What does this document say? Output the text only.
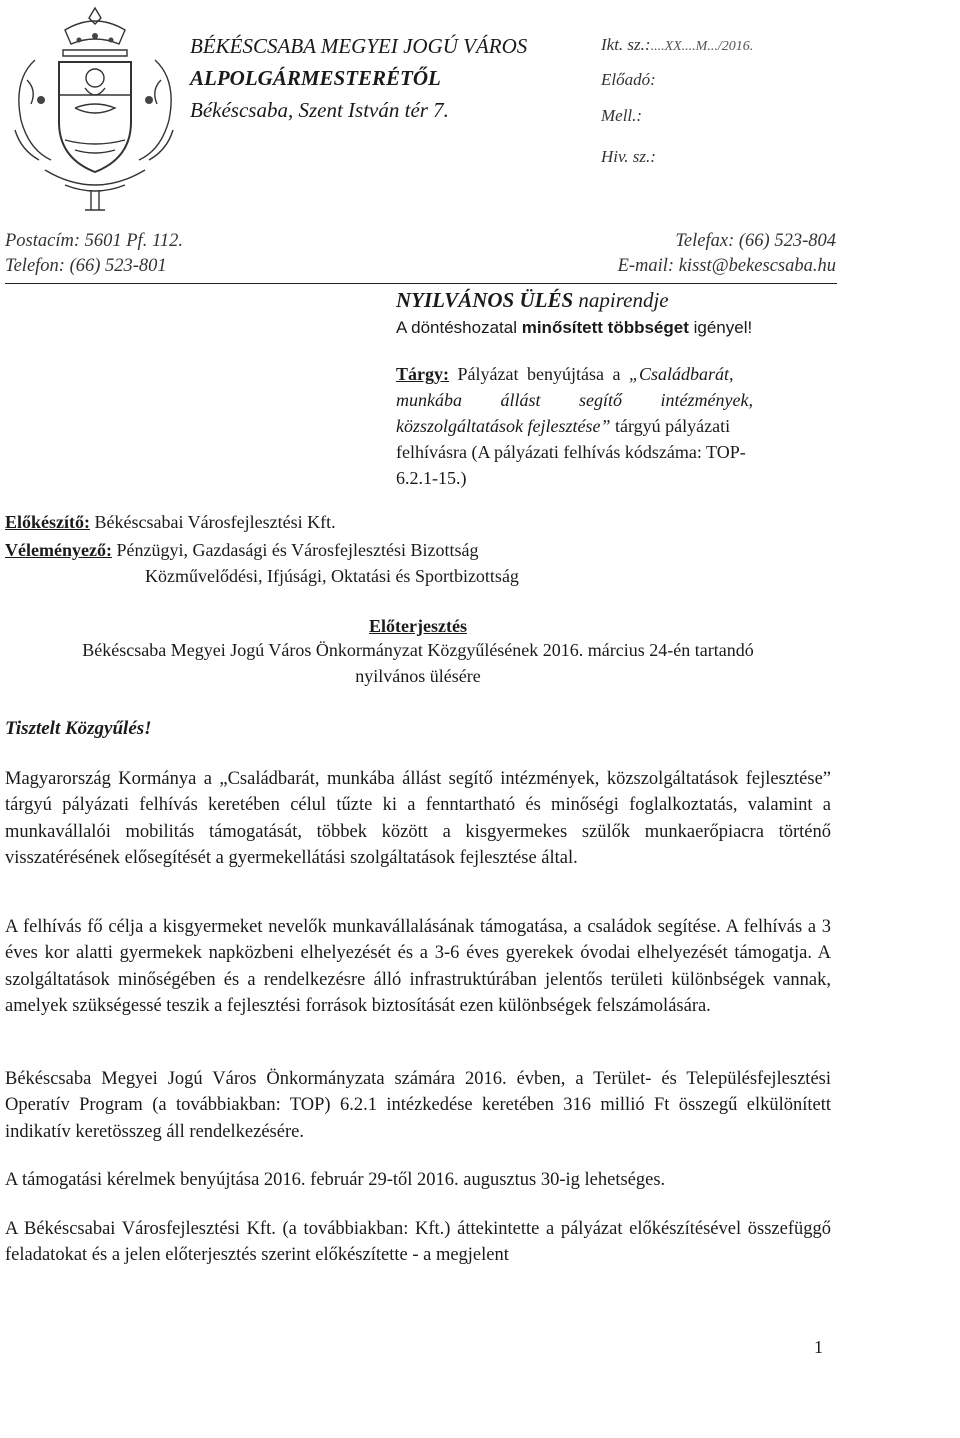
BÉKÉSCSABA MEGYEI JOGÚ VÁROS
ALPOLGÁRMESTERÉTŐL
Békéscsaba, Szent István tér 7.
Ikt. sz.:....XX....M.../2016.
Előadó:
Mell.:
Hiv. sz.:
Postacím: 5601 Pf. 112.
Telefon: (66) 523-801
Telefax: (66) 523-804
E-mail: kisst@bekescsaba.hu
NYILVÁNOS ÜLÉS napirendje
A döntéshozatal minősített többséget igényel!
Tárgy: Pályázat benyújtása a „Családbarát,
munkába állást segítő intézmények,
közszolgáltatások fejlesztése” tárgyú pályázati
felhívásra (A pályázati felhívás kódszáma: TOP-
6.2.1-15.)
Előkészítő: Békéscsabai Városfejlesztési Kft.
Véleményező: Pénzügyi, Gazdasági és Városfejlesztési Bizottság
Közművelődési, Ifjúsági, Oktatási és Sportbizottság
Előterjesztés
Békéscsaba Megyei Jogú Város Önkormányzat Közgyűlésének 2016. március 24-én tartandó
nyilvános ülésére
Tisztelt Közgyűlés!
Magyarország Kormánya a „Családbarát, munkába állást segítő intézmények, közszolgáltatások fejlesztése” tárgyú pályázati felhívás keretében célul tűzte ki a fenntartható és minőségi foglalkoztatás, valamint a munkavállalói mobilitás támogatását, többek között a kisgyermekes szülők munkaerőpiacra történő visszatérésének elősegítését a gyermekellátási szolgáltatások fejlesztése által.
A felhívás fő célja a kisgyermeket nevelők munkavállalásának támogatása, a családok segítése. A felhívás a 3 éves kor alatti gyermekek napközbeni elhelyezését és a 3-6 éves gyerekek óvodai elhelyezését támogatja. A szolgáltatások minőségében és a rendelkezésre álló infrastruktúrában jelentős területi különbségek vannak, amelyek szükségessé teszik a fejlesztési források biztosítását ezen különbségek felszámolására.
Békéscsaba Megyei Jogú Város Önkormányzata számára 2016. évben, a Terület- és Településfejlesztési Operatív Program (a továbbiakban: TOP) 6.2.1 intézkedése keretében 316 millió Ft összegű elkülönített indikatív keretösszeg áll rendelkezésére.
A támogatási kérelmek benyújtása 2016. február 29-től 2016. augusztus 30-ig lehetséges.
A Békéscsabai Városfejlesztési Kft. (a továbbiakban: Kft.) áttekintette a pályázat előkészítésével összefüggő feladatokat és a jelen előterjesztés szerint előkészítette - a megjelent
1
